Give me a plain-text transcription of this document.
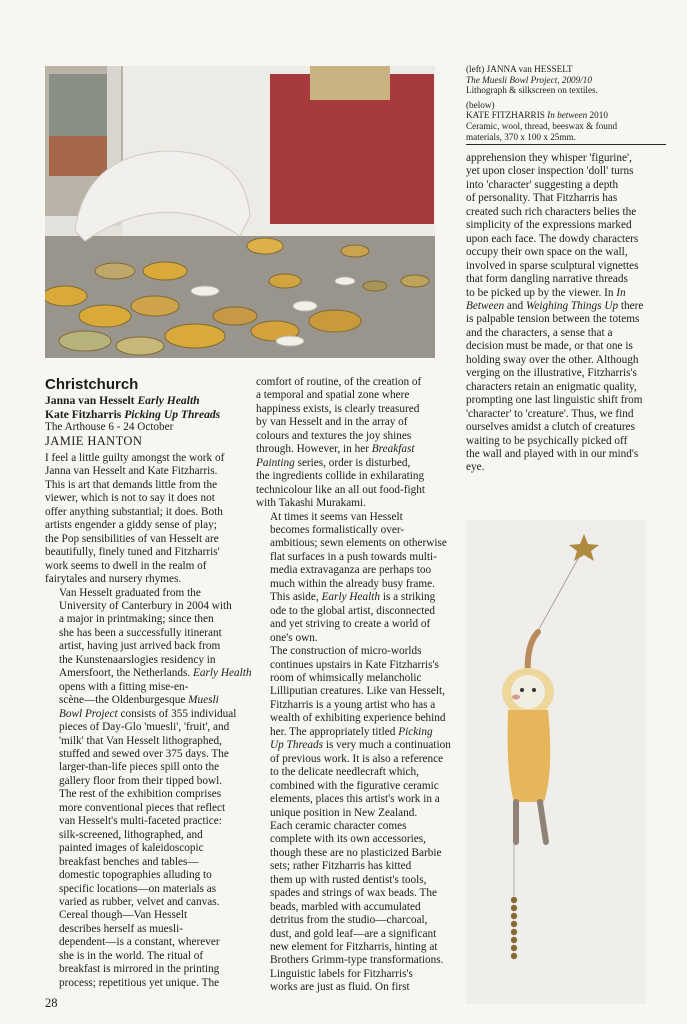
(left) JANNA van HESSELT
The Muesli Bowl Project, 2009/10
Lithograph & silkscreen on textiles.
(below)
KATE FITZHARRIS In between 2010
Ceramic, wool, thread, beeswax & found
materials, 370 x 100 x 25mm.
Christchurch
Janna van Hesselt Early Health
Kate Fitzharris Picking Up Threads
The Arthouse 6 - 24 October
JAMIE HANTON

I feel a little guilty amongst the work of
Janna van Hesselt and Kate Fitzharris.
This is art that demands little from the
viewer, which is not to say it does not
offer anything substantial; it does. Both
artists engender a giddy sense of play;
the Pop sensibilities of van Hesselt are
beautifully, finely tuned and Fitzharris'
work seems to dwell in the realm of
fairytales and nursery rhymes.

Van Hesselt graduated from the
University of Canterbury in 2004 with
a major in printmaking; since then
she has been a successfully itinerant
artist, having just arrived back from
the Kunstenaarslogies residency in
Amersfoort, the Netherlands. Early Health
opens with a fitting mise-en-
scène—the Oldenburgesque Muesli
Bowl Project consists of 355 individual
pieces of Day-Glo 'muesli', 'fruit', and
'milk' that Van Hesselt lithographed,
stuffed and sewed over 375 days. The
larger-than-life pieces spill onto the
gallery floor from their tipped bowl.
The rest of the exhibition comprises
more conventional pieces that reflect
van Hesselt's multi-faceted practice:
silk-screened, lithographed, and
painted images of kaleidoscopic
breakfast benches and tables—
domestic topographies alluding to
specific locations—on materials as
varied as rubber, velvet and canvas.

Cereal though—Van Hesselt
describes herself as muesli-
dependent—is a constant, wherever
she is in the world. The ritual of
breakfast is mirrored in the printing
process; repetitious yet unique. The

comfort of routine, of the creation of
a temporal and spatial zone where
happiness exists, is clearly treasured
by van Hesselt and in the array of
colours and textures the joy shines
through. However, in her Breakfast
Painting series, order is disturbed,
the ingredients collide in exhilarating
technicolour like an all out food-fight
with Takashi Murakami.

At times it seems van Hesselt
becomes formalistically over-
ambitious; sewn elements on otherwise
flat surfaces in a push towards multi-
media extravaganza are perhaps too
much within the already busy frame.
This aside, Early Health is a striking
ode to the global artist, disconnected
and yet striving to create a world of
one's own.

The construction of micro-worlds
continues upstairs in Kate Fitzharris's
room of whimsically melancholic
Lilliputian creatures. Like van Hesselt,
Fitzharris is a young artist who has a
wealth of exhibiting experience behind
her. The appropriately titled Picking
Up Threads is very much a continuation
of previous work. It is also a reference
to the delicate needlecraft which,
combined with the figurative ceramic
elements, places this artist's work in a
unique position in New Zealand.

Each ceramic character comes
complete with its own accessories,
though these are no plasticized Barbie
sets; rather Fitzharris has kitted
them up with rusted dentist's tools,
spades and strings of wax beads. The
beads, marbled with accumulated
detritus from the studio—charcoal,
dust, and gold leaf—are a significant
new element for Fitzharris, hinting at
Brothers Grimm-type transformations.

Linguistic labels for Fitzharris's
works are just as fluid. On first

apprehension they whisper 'figurine',
yet upon closer inspection 'doll' turns
into 'character' suggesting a depth
of personality. That Fitzharris has
created such rich characters belies the
simplicity of the expressions marked
upon each face. The dowdy characters
occupy their own space on the wall,
involved in sparse sculptural vignettes
that form dangling narrative threads
to be picked up by the viewer. In In
Between and Weighing Things Up there
is palpable tension between the totems
and the characters, a sense that a
decision must be made, or that one is
holding sway over the other. Although
verging on the illustrative, Fitzharris's
characters retain an enigmatic quality,
prompting one last linguistic shift from
'character' to 'creature'. Thus, we find
ourselves amidst a clutch of creatures
waiting to be psychically picked off
the wall and played with in our mind's
eye.

28
